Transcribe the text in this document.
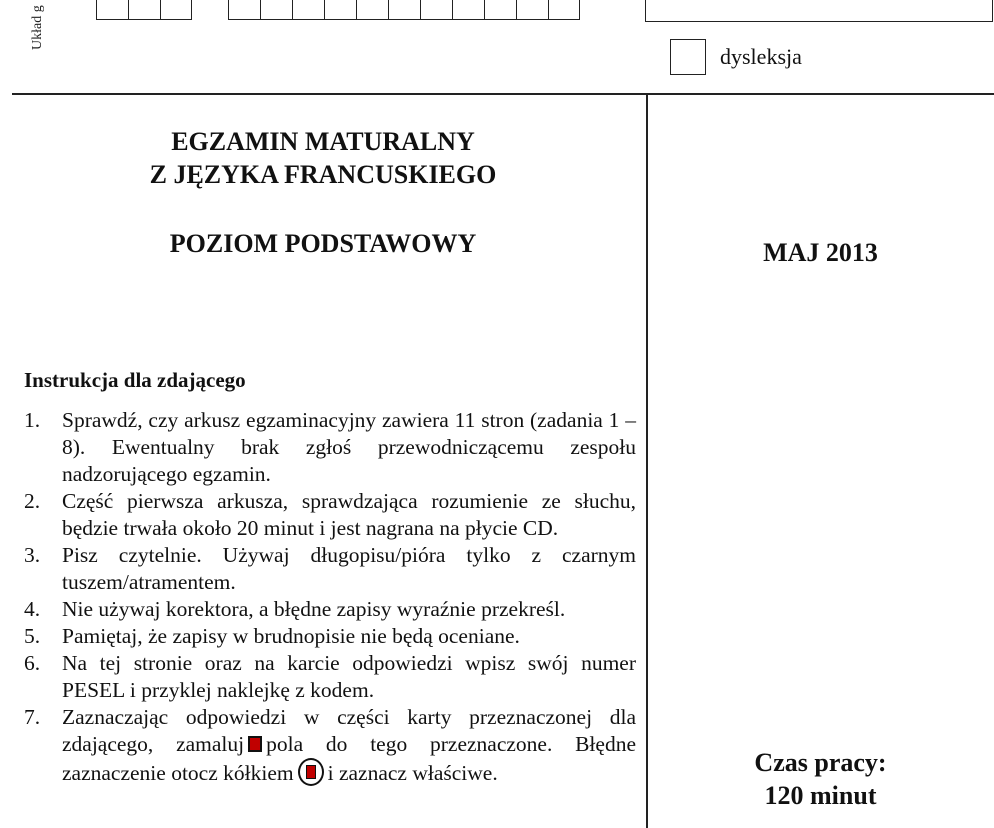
Układ g
dysleksja
EGZAMIN MATURALNY
Z JĘZYKA FRANCUSKIEGO
POZIOM PODSTAWOWY	MAJ 2013
Czas pracy:
120 minut
Instrukcja dla zdającego
1. Sprawdź, czy arkusz egzaminacyjny zawiera 11 stron (zadania 1 – 8). Ewentualny brak zgłoś przewodniczącemu zespołu nadzorującego egzamin.
2. Część pierwsza arkusza, sprawdzająca rozumienie ze słuchu, będzie trwała około 20 minut i jest nagrana na płycie CD.
3. Pisz czytelnie. Używaj długopisu/pióra tylko z czarnym tuszem/atramentem.
4. Nie używaj korektora, a błędne zapisy wyraźnie przekreśl.
5. Pamiętaj, że zapisy w brudnopisie nie będą oceniane.
6. Na tej stronie oraz na karcie odpowiedzi wpisz swój numer PESEL i przyklej naklejkę z kodem.
7. Zaznaczając odpowiedzi w części karty przeznaczonej dla zdającego, zamaluj pola do tego przeznaczone. Błędne zaznaczenie otocz kółkiem i zaznacz właściwe.
